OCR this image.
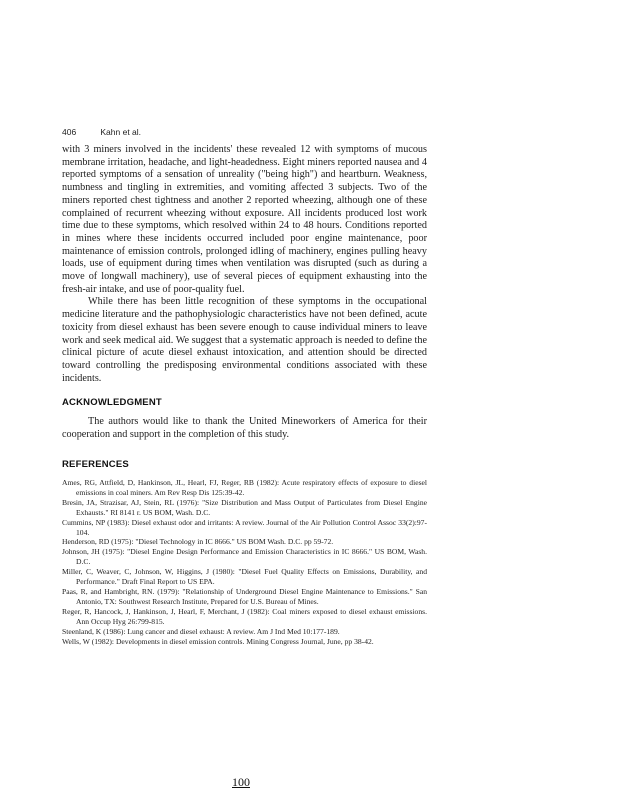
406	Kahn et al.

with 3 miners involved in the incidents' these revealed 12 with symptoms of mucous membrane irritation, headache, and light-headedness. Eight miners reported nausea and 4 reported symptoms of a sensation of unreality ("being high") and heartburn. Weakness, numbness and tingling in extremities, and vomiting affected 3 subjects. Two of the miners reported chest tightness and another 2 reported wheezing, although one of these complained of recurrent wheezing without exposure. All incidents produced lost work time due to these symptoms, which resolved within 24 to 48 hours. Conditions reported in mines where these incidents occurred included poor engine maintenance, poor maintenance of emission controls, prolonged idling of machinery, engines pulling heavy loads, use of equipment during times when ventilation was disrupted (such as during a move of longwall machinery), use of several pieces of equipment exhausting into the fresh-air intake, and use of poor-quality fuel.

While there has been little recognition of these symptoms in the occupational medicine literature and the pathophysiologic characteristics have not been defined, acute toxicity from diesel exhaust has been severe enough to cause individual miners to leave work and seek medical aid. We suggest that a systematic approach is needed to define the clinical picture of acute diesel exhaust intoxication, and attention should be directed toward controlling the predisposing environmental conditions associated with these incidents.

ACKNOWLEDGMENT

The authors would like to thank the United Mineworkers of America for their cooperation and support in the completion of this study.

REFERENCES
Ames, RG, Attfield, D, Hankinson, JL, Hearl, FJ, Reger, RB (1982): Acute respiratory effects of exposure to diesel emissions in coal miners. Am Rev Resp Dis 125:39-42.
Bresin, JA, Strazisar, AJ, Stein, RL (1976): "Size Distribution and Mass Output of Particulates from Diesel Engine Exhausts." RI 8141 r. US BOM, Wash. D.C.
Cummins, NP (1983): Diesel exhaust odor and irritants: A review. Journal of the Air Pollution Control Assoc 33(2):97-104.
Henderson, RD (1975): "Diesel Technology in IC 8666." US BOM Wash. D.C. pp 59-72.
Johnson, JH (1975): "Diesel Engine Design Performance and Emission Characteristics in IC 8666." US BOM, Wash. D.C.
Miller, C, Weaver, C, Johnson, W, Higgins, J (1980): "Diesel Fuel Quality Effects on Emissions, Durability, and Performance." Draft Final Report to US EPA.
Paas, R, and Hambright, RN. (1979): "Relationship of Underground Diesel Engine Maintenance to Emissions." San Antonio, TX: Southwest Research Institute, Prepared for U.S. Bureau of Mines.
Reger, R, Hancock, J, Hankinson, J, Hearl, F, Merchant, J (1982): Coal miners exposed to diesel exhaust emissions. Ann Occup Hyg 26:799-815.
Steenland, K (1986): Lung cancer and diesel exhaust: A review. Am J Ind Med 10:177-189.
Wells, W (1982): Developments in diesel emission controls. Mining Congress Journal, June, pp 38-42.
100
